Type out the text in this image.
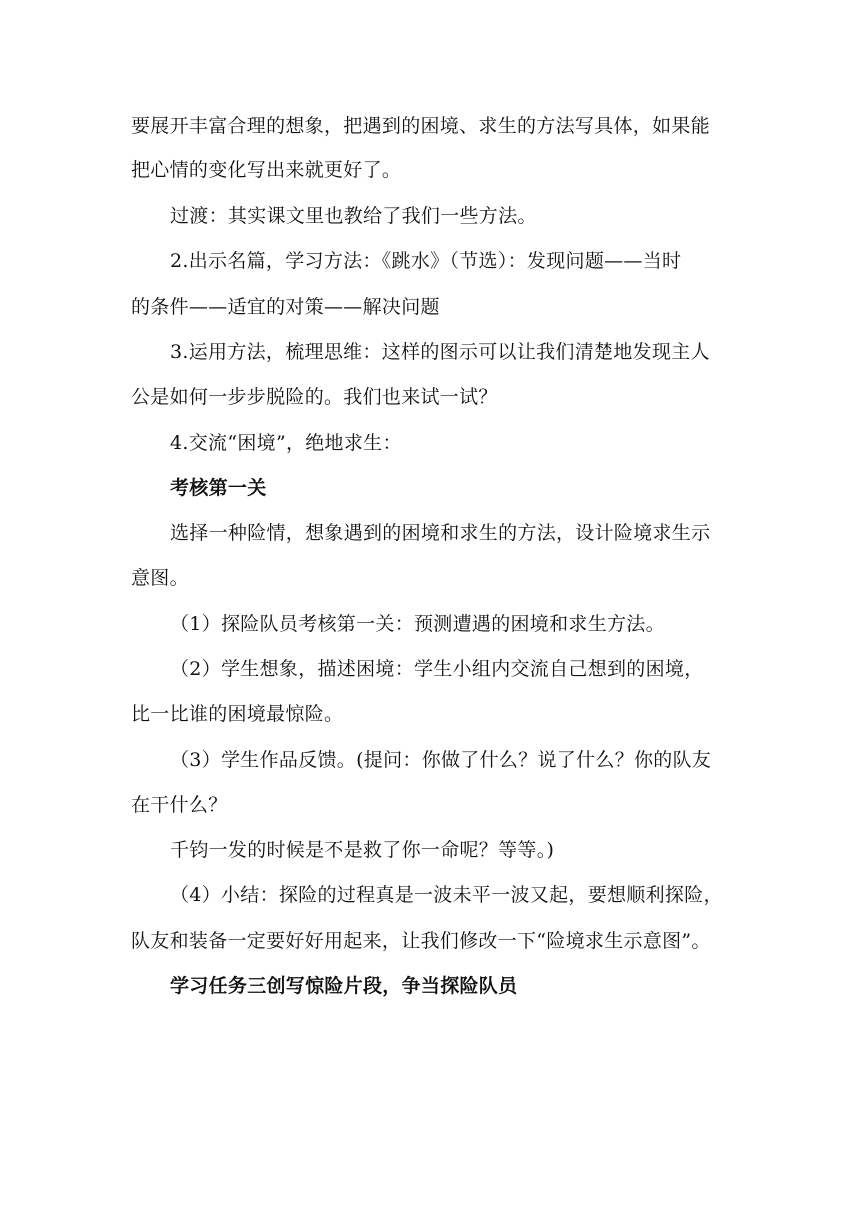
要展开丰富合理的想象，把遇到的困境、求生的方法写具体，如果能
把心情的变化写出来就更好了。
过渡：其实课文里也教给了我们一些方法。
2.出示名篇，学习方法：《跳水》（节选）：发现问题——当时
的条件——适宜的对策——解决问题
3.运用方法，梳理思维：这样的图示可以让我们清楚地发现主人
公是如何一步步脱险的。我们也来试一试？
4.交流“困境”，绝地求生：
考核第一关
选择一种险情，想象遇到的困境和求生的方法，设计险境求生示
意图。
（1）探险队员考核第一关：预测遭遇的困境和求生方法。
（2）学生想象，描述困境：学生小组内交流自己想到的困境，
比一比谁的困境最惊险。
（3）学生作品反馈。(提问：你做了什么？说了什么？你的队友
在干什么？
千钧一发的时候是不是救了你一命呢？等等。)
（4）小结：探险的过程真是一波未平一波又起，要想顺利探险，
队友和装备一定要好好用起来，让我们修改一下“险境求生示意图”。
学习任务三创写惊险片段，争当探险队员
